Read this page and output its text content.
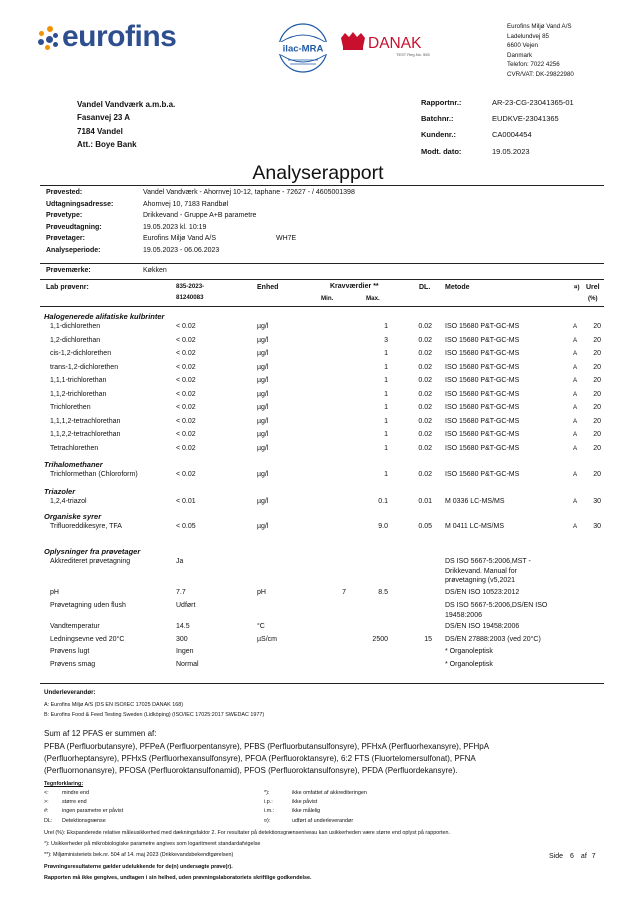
eurofins	ilac-MRA	DANAK
TEST Reg.No. 555
Eurofins Miljø Vand A/S
Ladelundvej 85
6600 Vejen
Danmark
Telefon: 7022 4256
CVR/VAT: DK-29822980
Vandel Vandværk a.m.b.a.
Fasanvej 23 A
7184 Vandel
Att.: Boye Bank
Rapportnr.:	AR-23-CG-23041365-01
Batchnr.:	EUDKVE-23041365
Kundenr.:	CA0004454
Modt. dato:	19.05.2023
Analyserapport
Prøvested:	Vandel Vandværk - Ahornvej 10-12, taphane - 72627 - / 4605001398
Udtagningsadresse:	Ahornvej 10, 7183 Randbøl
Prøvetype:	Drikkevand - Gruppe A+B parametre
Prøveudtagning:	19.05.2023 kl. 10:19
Prøvetager:	Eurofins Miljø Vand A/S	WH7E
Analyseperiode:	19.05.2023 - 06.06.2023
Prøvemærke:	Køkken
Lab prøvenr:	835-2023-
81240083
Enhed	Kravværdier **
Min.	Max.
DL. Metode	¤) Urel
(%)
Halogenerede alifatiske kulbrinter
1,1-dichlorethen	< 0.02	µg/l	1	0.02 ISO 15680 P&T-GC-MS	A	20
1,2-dichlorethan	< 0.02	µg/l	3	0.02 ISO 15680 P&T-GC-MS	A	20
cis-1,2-dichlorethen	< 0.02	µg/l	1	0.02 ISO 15680 P&T-GC-MS	A	20
trans-1,2-dichlorethen	< 0.02	µg/l	1	0.02 ISO 15680 P&T-GC-MS	A	20
1,1,1-trichlorethan	< 0.02	µg/l	1	0.02 ISO 15680 P&T-GC-MS	A	20
1,1,2-trichlorethan	< 0.02	µg/l	1	0.02 ISO 15680 P&T-GC-MS	A	20
Trichlorethen	< 0.02	µg/l	1	0.02 ISO 15680 P&T-GC-MS	A	20
1,1,1,2-tetrachlorethan	< 0.02	µg/l	1	0.02 ISO 15680 P&T-GC-MS	A	20
1,1,2,2-tetrachlorethan	< 0.02	µg/l	1	0.02 ISO 15680 P&T-GC-MS	A	20
Tetrachlorethen	< 0.02	µg/l	1	0.02 ISO 15680 P&T-GC-MS	A	20
Trihalomethaner
Trichlormethan (Chloroform)	< 0.02	µg/l	1	0.02 ISO 15680 P&T-GC-MS	A	20
Triazoler
1,2,4-triazol	< 0.01	µg/l	0.1	0.01 M 0336 LC-MS/MS	A	30
Organiske syrer
Trifluoreddikesyre, TFA	< 0.05	µg/l	9.0	0.05 M 0411 LC-MS/MS	A	30
Oplysninger fra prøvetager
Akkrediteret prøvetagning	Ja	DS ISO 5667-5:2006,MST -
Drikkevand. Manual for
prøvetagning (v5,2021
pH	7.7	pH	7	8.5	DS/EN ISO 10523:2012
Prøvetagning uden flush	Udført	DS ISO 5667-5:2006,DS/EN ISO
19458:2006
Vandtemperatur	14.5	°C	DS/EN ISO 19458:2006
Ledningsevne ved 20°C	300	µS/cm	2500	15 DS/EN 27888:2003 (ved 20°C)
Prøvens lugt	Ingen	* Organoleptisk
Prøvens smag	Normal	* Organoleptisk
Underleverandør:
A: Eurofins Miljø A/S (DS EN ISO/IEC 17025 DANAK 168)
B: Eurofins Food & Feed Testing Sweden (Lidköping) (ISO/IEC 17025:2017 SWEDAC 1977)
Sum af 12 PFAS er summen af:
PFBA (Perfluorbutansyre), PFPeA (Perfluorpentansyre), PFBS (Perfluorbutansulfonsyre), PFHxA (Perfluorhexansyre), PFHpA
(Perfluorheptansyre), PFHxS (Perfluorhexansulfonsyre), PFOA (Perfluoroktansyre), 6:2 FTS (Fluortelomersulfonat), PFNA
(Perfluornonansyre), PFOSA (Perfluoroktansulfonamid), PFOS (Perfluoroktansulfonsyre), PFDA (Perfluordekansyre).
Tegnforklaring:
<: mindre end
>: større end
#:	ingen parametre er påvist
DL: Detektionsgrænse
*):	ikke omfattet af akkrediteringen
i.p.:	ikke påvist
i.m.:	ikke målelig
¤):	udført af underleverandør
Urel (%): Ekspanderede relative måleusikkerhed med dækningsfaktor 2. For resultater på detektionsgrænseniveau kan usikkerheden være større end oplyst på rapporten.
°): Usikkerheder på mikrobiologiske parametre angives som logaritmeret standardafvigelse
**): Miljøministeriets bek.nr. 504 af 14. maj 2023 (Drikkevandsbekendtgørelsen)	Side 6 af 7
Prøvningsresultaterne gælder udelukkende for de(n) undersøgte prøve(r).
Rapporten må ikke gengives, undtagen i sin helhed, uden prøvningslaboratoriets skriftlige godkendelse.
